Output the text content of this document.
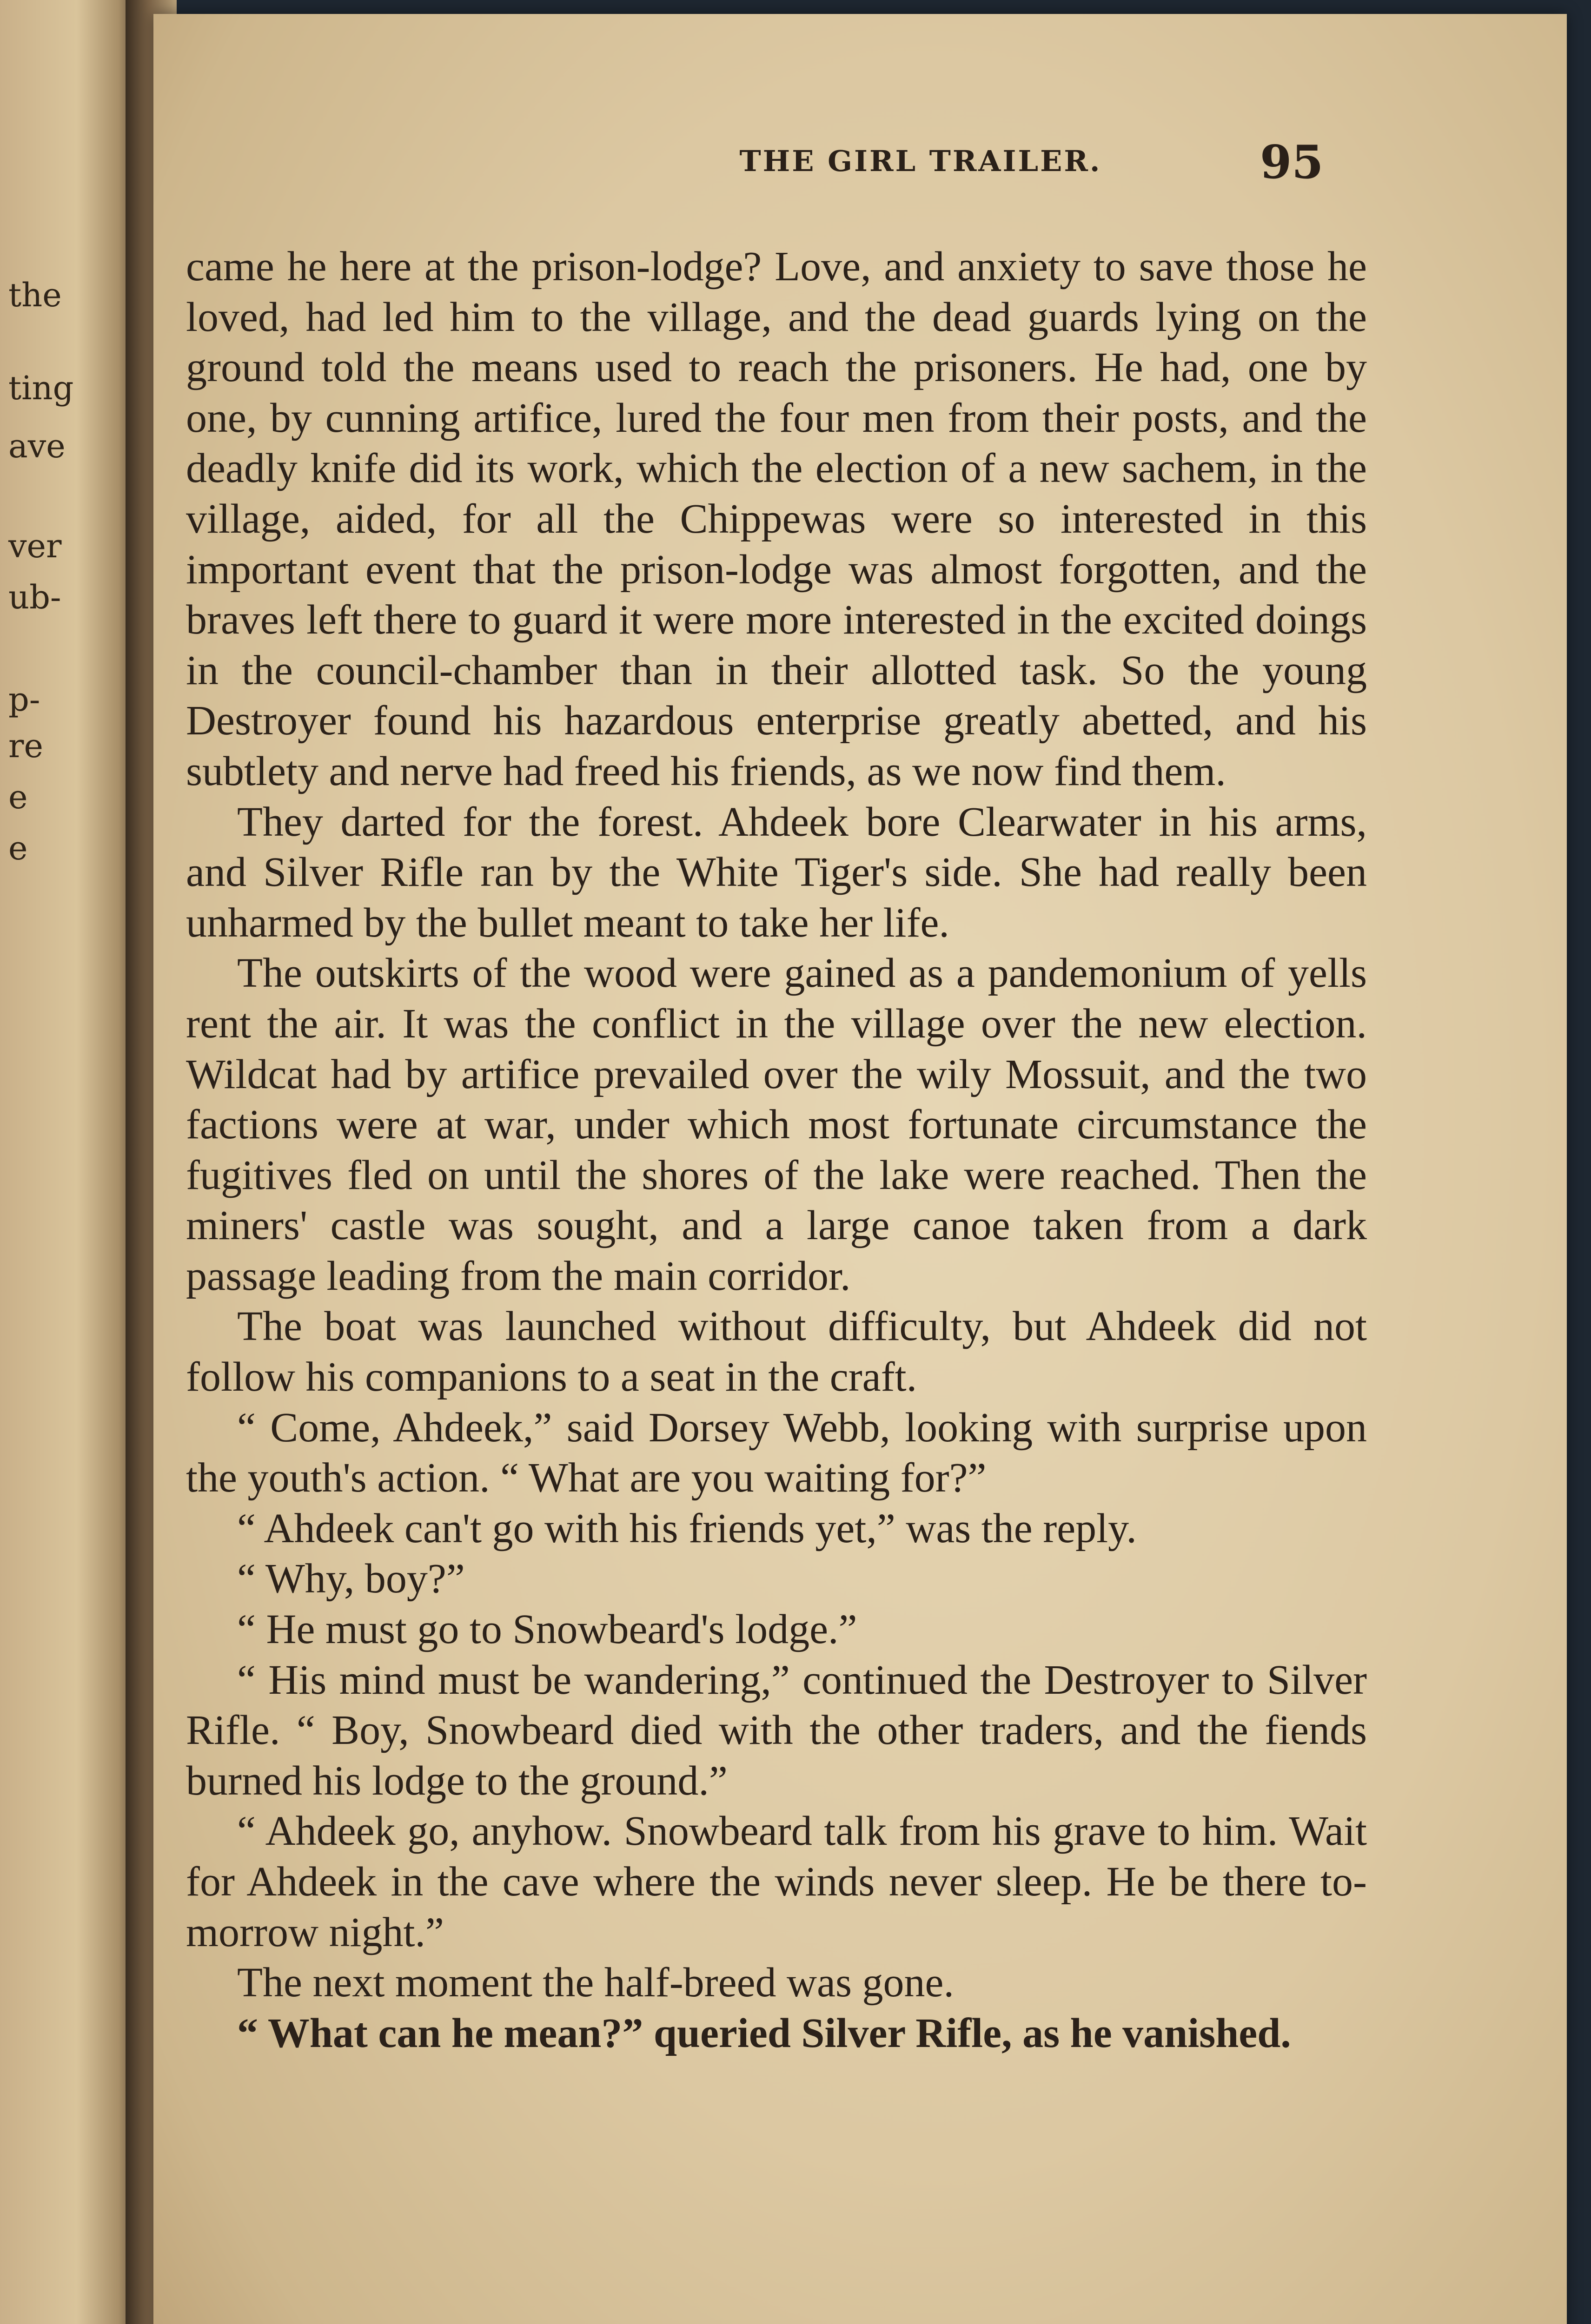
the
ting
ave
ver
ub-
p-
re
e
e
THE GIRL TRAILER.	95

came he here at the prison-lodge? Love, and anxiety to save those he loved, had led him to the village, and the dead guards lying on the ground told the means used to reach the prisoners. He had, one by one, by cunning artifice, lured the four men from their posts, and the deadly knife did its work, which the election of a new sachem, in the village, aided, for all the Chippewas were so interested in this important event that the prison-lodge was almost forgotten, and the braves left there to guard it were more interested in the excited doings in the council-chamber than in their allotted task. So the young Destroyer found his hazardous enterprise greatly abetted, and his subtlety and nerve had freed his friends, as we now find them.

They darted for the forest. Ahdeek bore Clearwater in his arms, and Silver Rifle ran by the White Tiger's side. She had really been unharmed by the bullet meant to take her life.

The outskirts of the wood were gained as a pandemonium of yells rent the air. It was the conflict in the village over the new election. Wildcat had by artifice prevailed over the wily Mossuit, and the two factions were at war, under which most fortunate circumstance the fugitives fled on until the shores of the lake were reached. Then the miners' castle was sought, and a large canoe taken from a dark passage leading from the main corridor.

The boat was launched without difficulty, but Ahdeek did not follow his companions to a seat in the craft.

“ Come, Ahdeek,” said Dorsey Webb, looking with surprise upon the youth's action. “ What are you waiting for?”

“ Ahdeek can't go with his friends yet,” was the reply.

“ Why, boy?”

“ He must go to Snowbeard's lodge.”

“ His mind must be wandering,” continued the Destroyer to Silver Rifle. “ Boy, Snowbeard died with the other traders, and the fiends burned his lodge to the ground.”

“ Ahdeek go, anyhow. Snowbeard talk from his grave to him. Wait for Ahdeek in the cave where the winds never sleep. He be there to-morrow night.”

The next moment the half-breed was gone.

“ What can he mean?” queried Silver Rifle, as he vanished.
